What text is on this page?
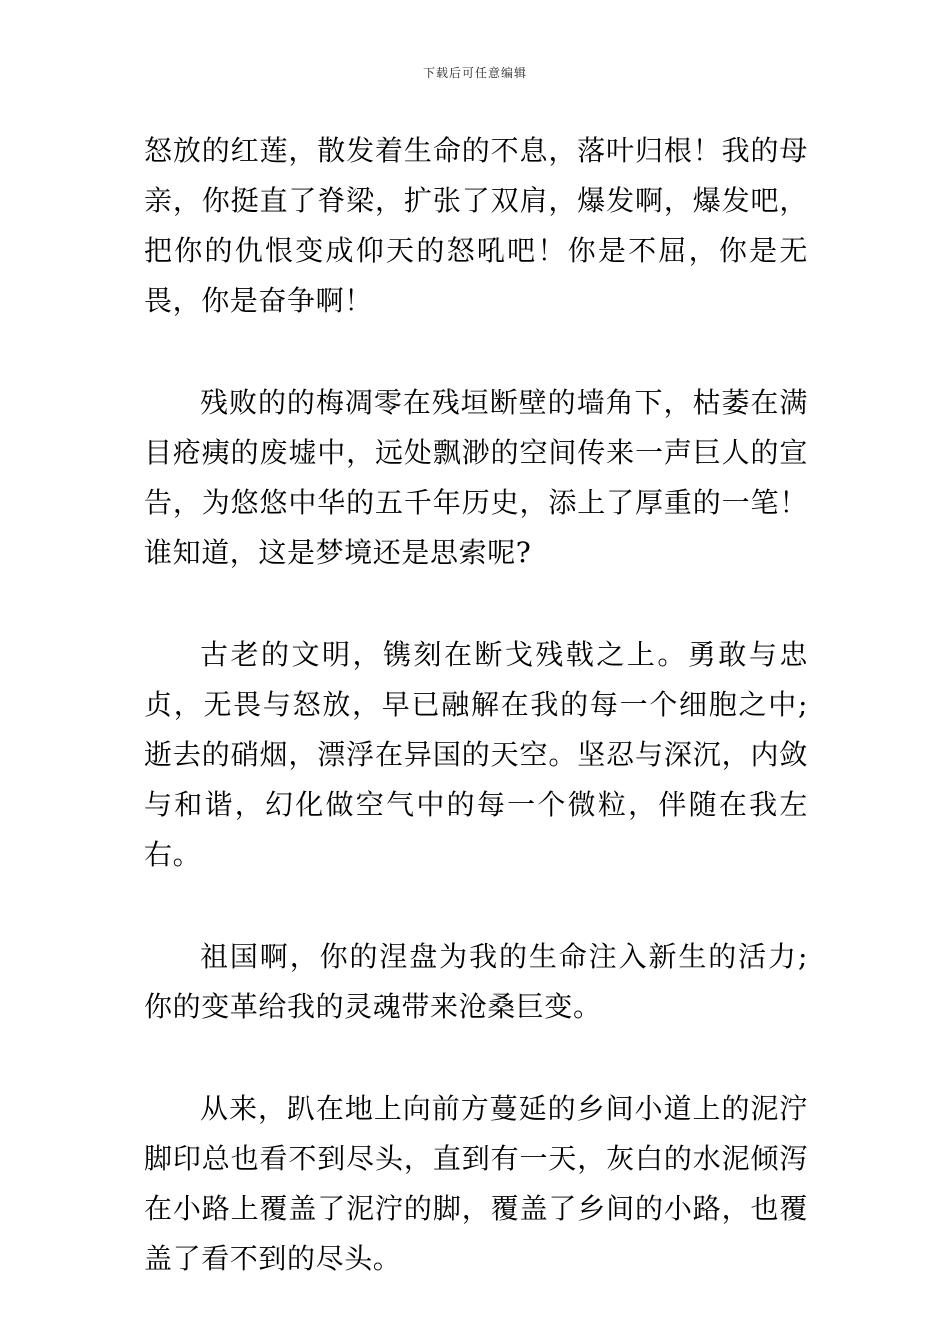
下载后可任意编辑

怒放的红莲，散发着生命的不息，落叶归根！我的母亲，你挺直了脊梁，扩张了双肩，爆发啊，爆发吧，把你的仇恨变成仰天的怒吼吧！你是不屈，你是无畏，你是奋争啊！

残败的的梅凋零在残垣断壁的墙角下，枯萎在满目疮痍的废墟中，远处飘渺的空间传来一声巨人的宣告，为悠悠中华的五千年历史，添上了厚重的一笔！谁知道，这是梦境还是思索呢?

古老的文明，镌刻在断戈残戟之上。勇敢与忠贞，无畏与怒放，早已融解在我的每一个细胞之中;逝去的硝烟，漂浮在异国的天空。坚忍与深沉，内敛与和谐，幻化做空气中的每一个微粒，伴随在我左右。

祖国啊，你的涅盘为我的生命注入新生的活力;你的变革给我的灵魂带来沧桑巨变。

从来，趴在地上向前方蔓延的乡间小道上的泥泞脚印总也看不到尽头，直到有一天，灰白的水泥倾泻在小路上覆盖了泥泞的脚，覆盖了乡间的小路，也覆盖了看不到的尽头。
